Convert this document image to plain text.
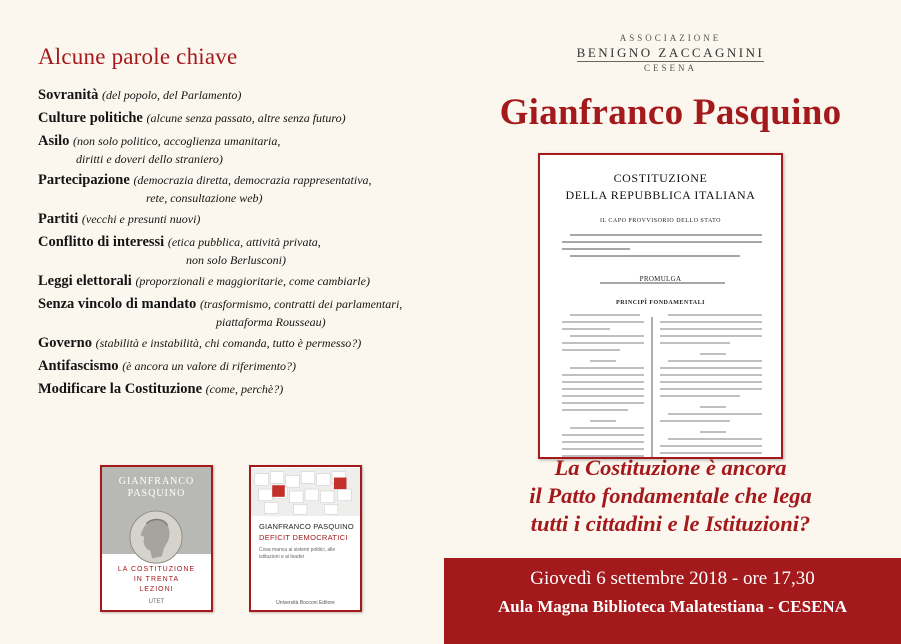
Alcune parole chiave
Sovranità (del popolo, del Parlamento)
Culture politiche (alcune senza passato, altre senza futuro)
Asilo (non solo politico, accoglienza umanitaria,
diritti e doveri dello straniero)
Partecipazione (democrazia diretta, democrazia rappresentativa,
rete, consultazione web)
Partiti (vecchi e presunti nuovi)
Conflitto di interessi (etica pubblica, attività privata,
non solo Berlusconi)
Leggi elettorali (proporzionali e maggioritarie, come cambiarle)
Senza vincolo di mandato (trasformismo, contratti dei parlamentari,
piattaforma Rousseau)
Governo (stabilità e instabilità, chi comanda, tutto è permesso?)
Antifascismo (è ancora un valore di riferimento?)
Modificare la Costituzione (come, perchè?)
GIANFRANCO
PASQUINO
LA COSTITUZIONE
IN TRENTA
LEZIONI
UTET
GIANFRANCO PASQUINO
DEFICIT DEMOCRATICI
Cosa manca ai sistemi politici, alle istituzioni e ai leader
Università Bocconi Editore
ASSOCIAZIONE
BENIGNO ZACCAGNINI
CESENA
Gianfranco Pasquino
COSTITUZIONE
DELLA REPUBBLICA ITALIANA
IL CAPO PROVVISORIO DELLO STATO
PROMULGA
PRINCIPÎ FONDAMENTALI
La Costituzione è ancora
il Patto fondamentale che lega
tutti i cittadini e le Istituzioni?
Giovedì 6 settembre 2018 - ore 17,30
Aula Magna Biblioteca Malatestiana - CESENA
